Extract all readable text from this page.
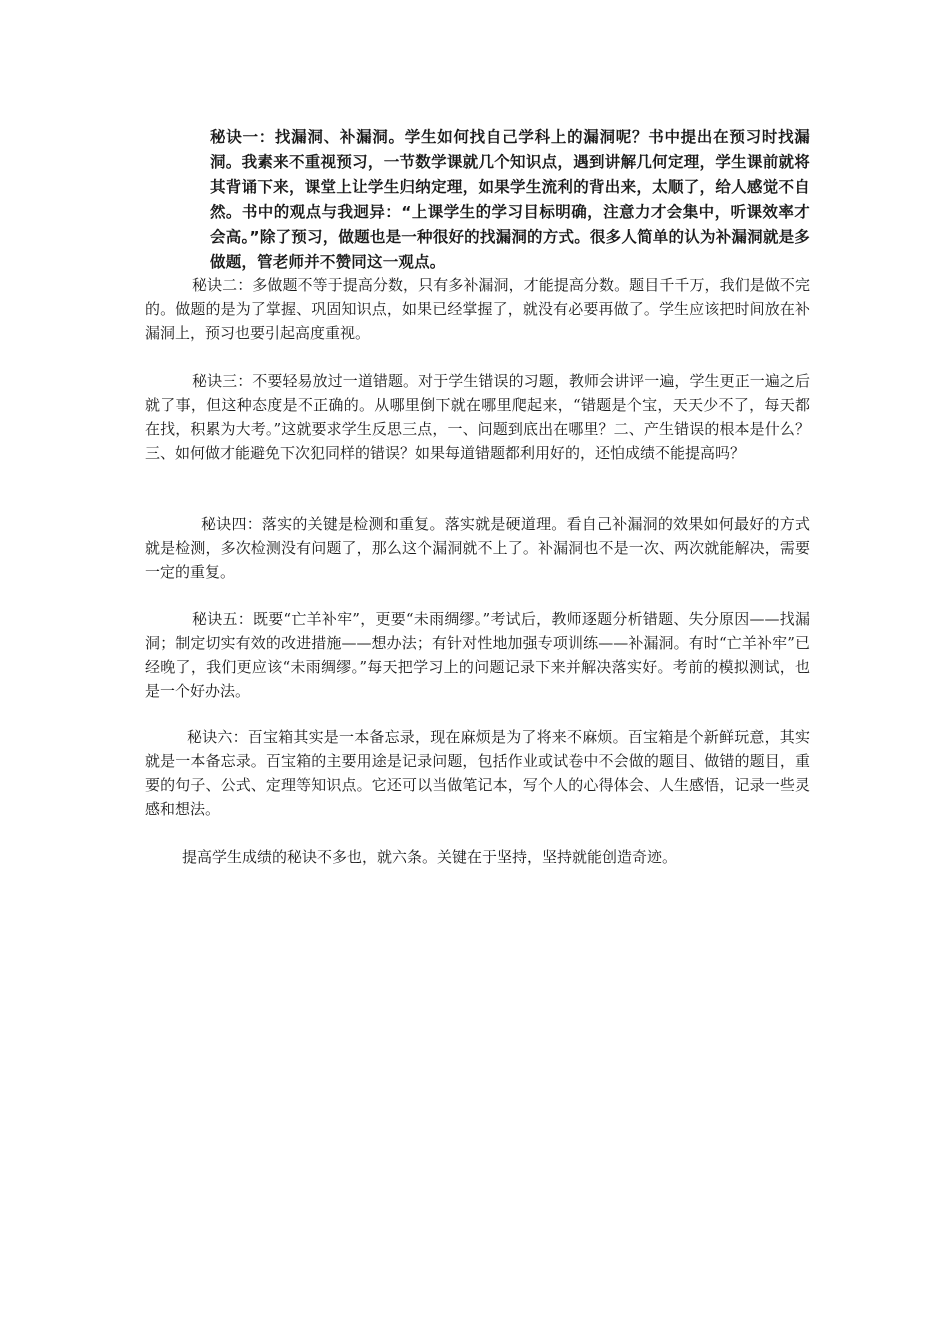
秘诀一：找漏洞、补漏洞。学生如何找自己学科上的漏洞呢？书中提出在预习时找漏洞。我素来不重视预习，一节数学课就几个知识点，遇到讲解几何定理，学生课前就将其背诵下来，课堂上让学生归纳定理，如果学生流利的背出来，太顺了，给人感觉不自然。书中的观点与我迥异：“上课学生的学习目标明确，注意力才会集中，听课效率才会高。”除了预习，做题也是一种很好的找漏洞的方式。很多人简单的认为补漏洞就是多做题，管老师并不赞同这一观点。
秘诀二：多做题不等于提高分数，只有多补漏洞，才能提高分数。题目千千万，我们是做不完的。做题的是为了掌握、巩固知识点，如果已经掌握了，就没有必要再做了。学生应该把时间放在补漏洞上，预习也要引起高度重视。
秘诀三：不要轻易放过一道错题。对于学生错误的习题，教师会讲评一遍，学生更正一遍之后就了事，但这种态度是不正确的。从哪里倒下就在哪里爬起来，“错题是个宝，天天少不了，每天都在找，积累为大考。”这就要求学生反思三点，一、问题到底出在哪里？二、产生错误的根本是什么？三、如何做才能避免下次犯同样的错误？如果每道错题都利用好的，还怕成绩不能提高吗？
秘诀四：落实的关键是检测和重复。落实就是硬道理。看自己补漏洞的效果如何最好的方式就是检测，多次检测没有问题了，那么这个漏洞就不上了。补漏洞也不是一次、两次就能解决，需要一定的重复。
秘诀五：既要“亡羊补牢”，更要“未雨绸缪。”考试后，教师逐题分析错题、失分原因——找漏洞；制定切实有效的改进措施——想办法；有针对性地加强专项训练——补漏洞。有时“亡羊补牢”已经晚了，我们更应该“未雨绸缪。”每天把学习上的问题记录下来并解决落实好。考前的模拟测试，也是一个好办法。
秘诀六：百宝箱其实是一本备忘录，现在麻烦是为了将来不麻烦。百宝箱是个新鲜玩意，其实就是一本备忘录。百宝箱的主要用途是记录问题，包括作业或试卷中不会做的题目、做错的题目，重要的句子、公式、定理等知识点。它还可以当做笔记本，写个人的心得体会、人生感悟，记录一些灵感和想法。
提高学生成绩的秘诀不多也，就六条。关键在于坚持，坚持就能创造奇迹。
